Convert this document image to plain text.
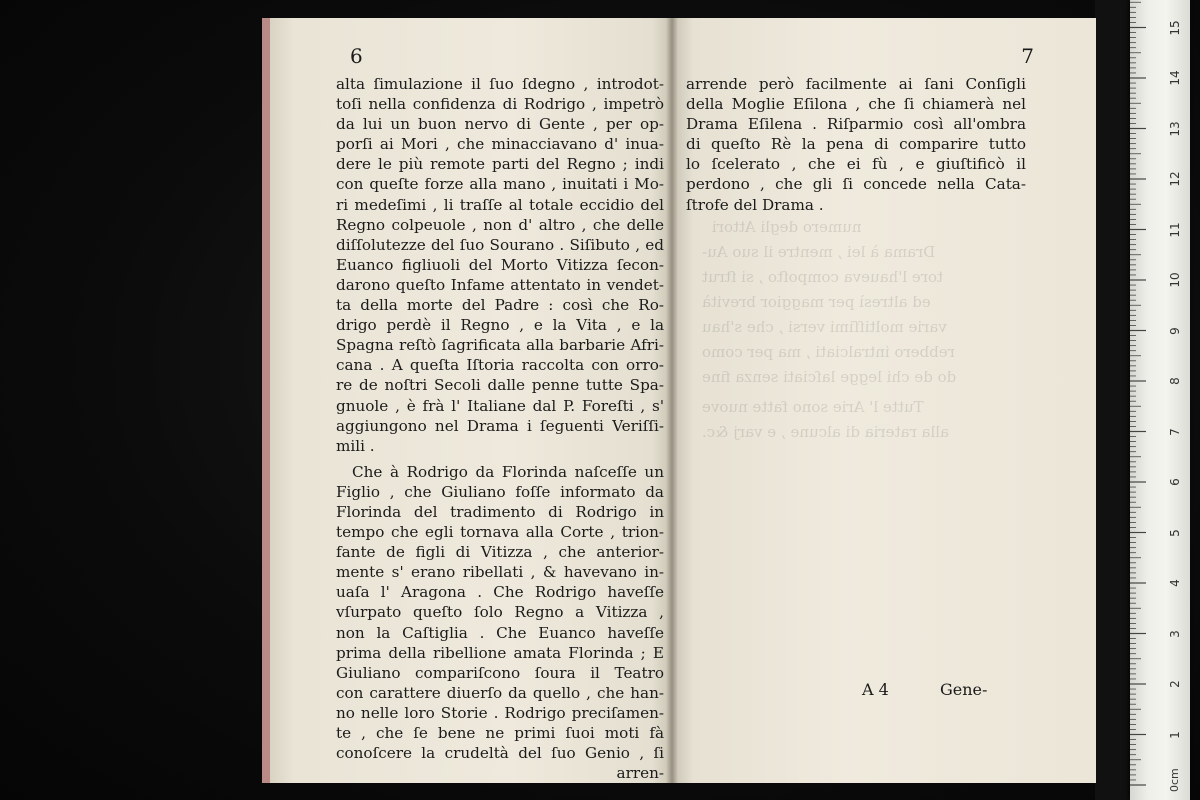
1
2
3
4
5
6
7
8
9
10
11
12
13
14
15
0cm
6
alta ſimulazione il ſuo ſdegno , introdot-
toſi nella confidenza di Rodrigo , impetrò
da lui un buon nervo di Gente , per op-
porſi ai Mori , che minacciavano d' inua-
dere le più remote parti del Regno ; indi
con queſte forze alla mano , inuitati i Mo-
ri medeſimi , li traſſe al totale eccidio del
Regno colpeuole , non d' altro , che delle
diſſolutezze del ſuo Sourano . Siſibuto , ed
Euanco figliuoli del Morto Vitizza ſecon-
darono queſto Infame attentato in vendet-
ta della morte del Padre : così che Ro-
drigo perdè il Regno , e la Vita , e la
Spagna reſtò ſagrificata alla barbarie Afri-
cana . A queſta Iſtoria raccolta con orro-
re de noſtri Secoli dalle penne tutte Spa-
gnuole , è frà l' Italiane dal P. Foreſti , s'
aggiungono nel Drama i ſeguenti Veriſſi-
mili .
Che à Rodrigo da Florinda naſceſſe un
Figlio , che Giuliano foſſe informato da
Florinda del tradimento di Rodrigo in
tempo che egli tornava alla Corte , trion-
fante de figli di Vitizza , che anterior-
mente s' erano ribellati , & havevano in-
uaſa l' Aragona . Che Rodrigo haveſſe
vſurpato queſto ſolo Regno a Vitizza ,
non la Caſtiglia . Che Euanco haveſſe
prima della ribellione amata Florinda ; E
Giuliano compariſcono ſoura il Teatro
con carattere diuerſo da quello , che han-
no nelle loro Storie . Rodrigo preciſamen-
te , che ſe bene ne primi ſuoi moti fà
conoſcere la crudeltà del ſuo Genio , ſi
arren-
numero degli Attori
Drama à lei , mentre il suo Au-
tore l'haueva compoſto , si ſtrut
ed altresì per maggior brevità
varie moltiſſimi versi , che s'hau
rebbero intralciati , ma per como
do de chi legge laſciati senza fine
Tutte l' Arie sono fatte nuove
alla rateria di alcune , e varj &c.
7
arrende però facilmente ai ſani Conſigli
della Moglie Eſilona , che ſi chiamerà nel
Drama Eſilena . Riſparmio così all'ombra
di queſto Rè la pena di comparire tutto
lo ſcelerato , che ei fù , e giuſtificò il
perdono , che gli ſi concede nella Cata-
ſtrofe del Drama .
A 4	Gene-
